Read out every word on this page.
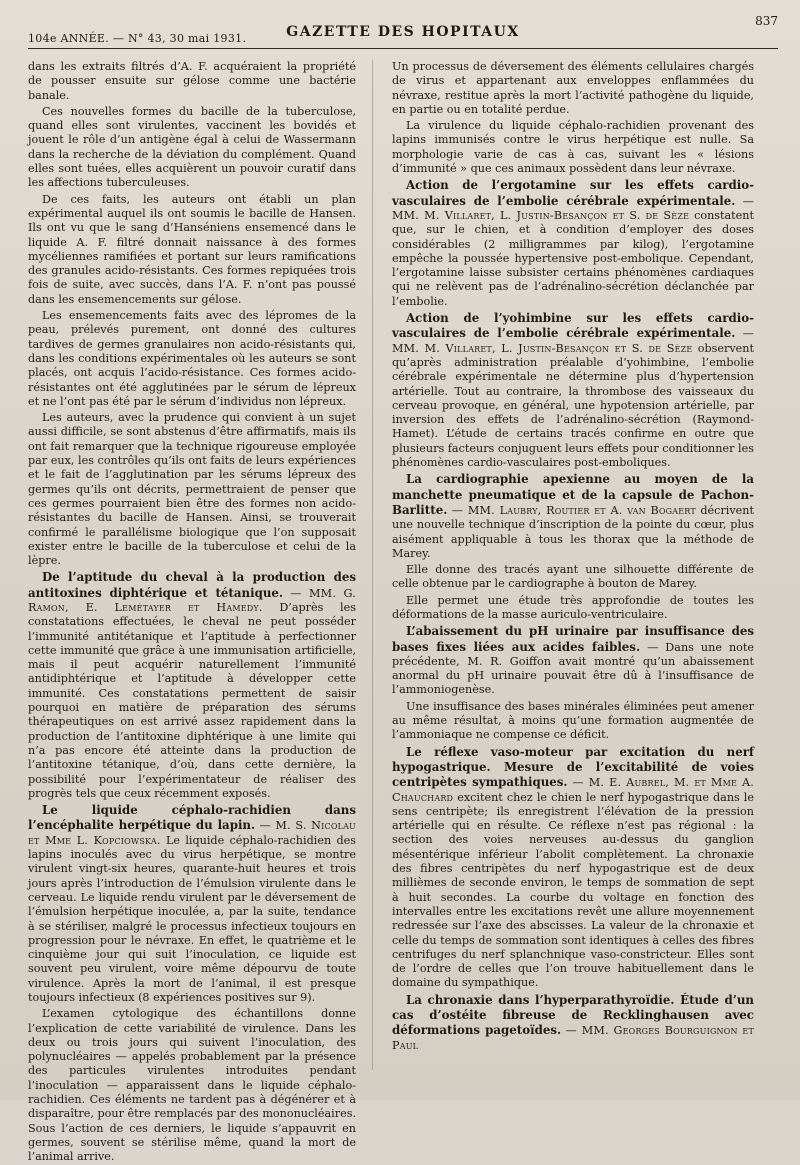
104e ANNÉE. — N° 43, 30 mai 1931.	GAZETTE DES HOPITAUX
837

dans les extraits filtrés d’A. F. acquéraient la propriété de pousser ensuite sur gélose comme une bactérie banale.

Ces nouvelles formes du bacille de la tuberculose, quand elles sont virulentes, vaccinent les bovidés et jouent le rôle d’un antigène égal à celui de Wassermann dans la recherche de la déviation du complément. Quand elles sont tuées, elles acquièrent un pouvoir curatif dans les affections tuberculeuses.

De ces faits, les auteurs ont établi un plan expérimental auquel ils ont soumis le bacille de Hansen. Ils ont vu que le sang d’Hanséniens ensemencé dans le liquide A. F. filtré donnait naissance à des formes mycéliennes ramifiées et portant sur leurs ramifications des granules acido-résistants. Ces formes repiquées trois fois de suite, avec succès, dans l’A. F. n’ont pas poussé dans les ensemencements sur gélose.

Les ensemencements faits avec des lépromes de la peau, prélevés purement, ont donné des cultures tardives de germes granulaires non acido-résistants qui, dans les conditions expérimentales où les auteurs se sont placés, ont acquis l’acido-résistance. Ces formes acido-résistantes ont été agglutinées par le sérum de lépreux et ne l’ont pas été par le sérum d’individus non lépreux.

Les auteurs, avec la prudence qui convient à un sujet aussi difficile, se sont abstenus d’être affirmatifs, mais ils ont fait remarquer que la technique rigoureuse employée par eux, les contrôles qu’ils ont faits de leurs expériences et le fait de l’agglutination par les sérums lépreux des germes qu’ils ont décrits, permettraient de penser que ces germes pourraient bien être des formes non acido-résistantes du bacille de Hansen. Ainsi, se trouverait confirmé le parallélisme biologique que l’on supposait exister entre le bacille de la tuberculose et celui de la lèpre.

De l’aptitude du cheval à la production des antitoxines diphtérique et tétanique. — MM. G. Ramon, E. Lemétayer et Hamedy. D’après les constatations effectuées, le cheval ne peut posséder l’immunité antitétanique et l’aptitude à perfectionner cette immunité que grâce à une immunisation artificielle, mais il peut acquérir naturellement l’immunité antidiphtérique et l’aptitude à développer cette immunité. Ces constatations permettent de saisir pourquoi en matière de préparation des sérums thérapeutiques on est arrivé assez rapidement dans la production de l’antitoxine diphtérique à une limite qui n’a pas encore été atteinte dans la production de l’antitoxine tétanique, d’où, dans cette dernière, la possibilité pour l’expérimentateur de réaliser des progrès tels que ceux récemment exposés.

Le liquide céphalo-rachidien dans l’encéphalite herpétique du lapin. — M. S. Nicolau et Mme L. Kopciowska. Le liquide céphalo-rachidien des lapins inoculés avec du virus herpétique, se montre virulent vingt-six heures, quarante-huit heures et trois jours après l’introduction de l’émulsion virulente dans le cerveau. Le liquide rendu virulent par le déversement de l’émulsion herpétique inoculée, a, par la suite, tendance à se stériliser, malgré le processus infectieux toujours en progression pour le névraxe. En effet, le quatrième et le cinquième jour qui suit l’inoculation, ce liquide est souvent peu virulent, voire même dépourvu de toute virulence. Après la mort de l’animal, il est presque toujours infectieux (8 expériences positives sur 9).

L’examen cytologique des échantillons donne l’explication de cette variabilité de virulence. Dans les deux ou trois jours qui suivent l’inoculation, des polynucléaires — appelés probablement par la présence des particules virulentes introduites pendant l’inoculation — apparaissent dans le liquide céphalo-rachidien. Ces éléments ne tardent pas à dégénérer et à disparaître, pour être remplacés par des mononucléaires. Sous l’action de ces derniers, le liquide s’appauvrit en germes, souvent se stérilise même, quand la mort de l’animal arrive.

Un processus de déversement des éléments cellulaires chargés de virus et appartenant aux enveloppes enflammées du névraxe, restitue après la mort l’activité pathogène du liquide, en partie ou en totalité perdue.

La virulence du liquide céphalo-rachidien provenant des lapins immunisés contre le virus herpétique est nulle. Sa morphologie varie de cas à cas, suivant les « lésions d’immunité » que ces animaux possèdent dans leur névraxe.

Action de l’ergotamine sur les effets cardio-vasculaires de l’embolie cérébrale expérimentale. — MM. M. Villaret, L. Justin-Besançon et S. de Sèze constatent que, sur le chien, et à condition d’employer des doses considérables (2 milligrammes par kilog), l’ergotamine empêche la poussée hypertensive post-embolique. Cependant, l’ergotamine laisse subsister certains phénomènes cardiaques qui ne relèvent pas de l’adrénalino-sécrétion déclanchée par l’embolie.

Action de l’yohimbine sur les effets cardio-vasculaires de l’embolie cérébrale expérimentale. — MM. M. Villaret, L. Justin-Besançon et S. de Sèze observent qu’après administration préalable d’yohimbine, l’embolie cérébrale expérimentale ne détermine plus d’hypertension artérielle. Tout au contraire, la thrombose des vaisseaux du cerveau provoque, en général, une hypotension artérielle, par inversion des effets de l’adrénalino-sécrétion (Raymond-Hamet). L’étude de certains tracés confirme en outre que plusieurs facteurs conjuguent leurs effets pour conditionner les phénomènes cardio-vasculaires post-emboliques.

La cardiographie apexienne au moyen de la manchette pneumatique et de la capsule de Pachon-Barlitte. — MM. Laubry, Routier et A. van Bogaert décrivent une nouvelle technique d’inscription de la pointe du cœur, plus aisément appliquable à tous les thorax que la méthode de Marey.

Elle donne des tracés ayant une silhouette différente de celle obtenue par le cardiographe à bouton de Marey.

Elle permet une étude très approfondie de toutes les déformations de la masse auriculo-ventriculaire.

L’abaissement du pH urinaire par insuffisance des bases fixes liées aux acides faibles. — Dans une note précédente, M. R. Goiffon avait montré qu’un abaissement anormal du pH urinaire pouvait être dû à l’insuffisance de l’ammoniogenèse.

Une insuffisance des bases minérales éliminées peut amener au même résultat, à moins qu’une formation augmentée de l’ammoniaque ne compense ce déficit.

Le réflexe vaso-moteur par excitation du nerf hypogastrique. Mesure de l’excitabilité de voies centripètes sympathiques. — M. E. Aubrel, M. et Mme A. Chauchard excitent chez le chien le nerf hypogastrique dans le sens centripète; ils enregistrent l’élévation de la pression artérielle qui en résulte. Ce réflexe n’est pas régional : la section des voies nerveuses au-dessus du ganglion mésentérique inférieur l’abolit complètement. La chronaxie des fibres centripètes du nerf hypogastrique est de deux millièmes de seconde environ, le temps de sommation de sept à huit secondes. La courbe du voltage en fonction des intervalles entre les excitations revêt une allure moyennement redressée sur l’axe des abscisses. La valeur de la chronaxie et celle du temps de sommation sont identiques à celles des fibres centrifuges du nerf splanchnique vaso-constricteur. Elles sont de l’ordre de celles que l’on trouve habituellement dans le domaine du sympathique.

La chronaxie dans l’hyperparathyroïdie. Étude d’un cas d’ostéite fibreuse de Recklinghausen avec déformations pagetoïdes. — MM. Georges Bourguignon et Paul
